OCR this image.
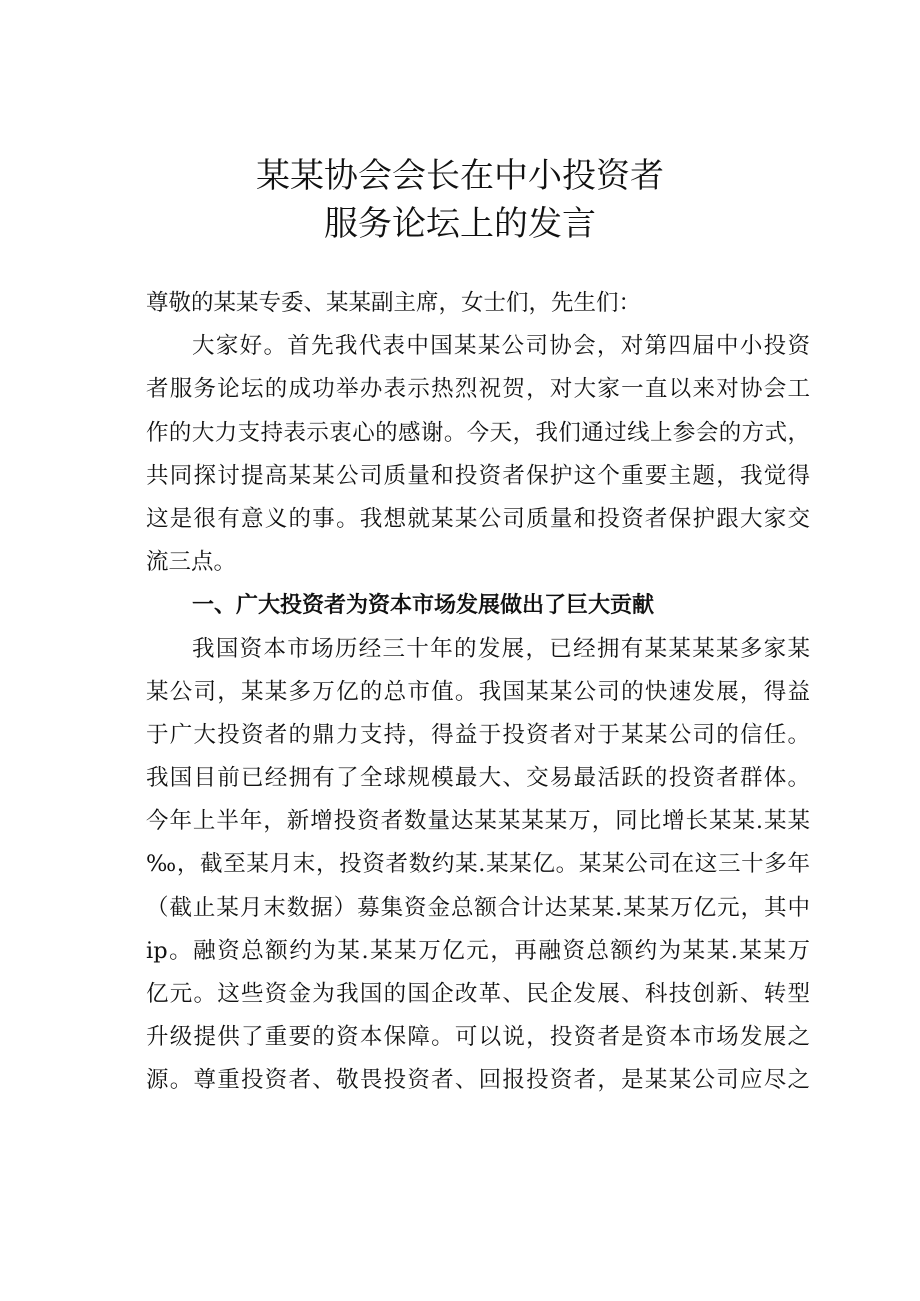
某某协会会长在中小投资者
服务论坛上的发言
尊敬的某某专委、某某副主席，女士们，先生们：
大家好。首先我代表中国某某公司协会，对第四届中小投资
者服务论坛的成功举办表示热烈祝贺，对大家一直以来对协会工
作的大力支持表示衷心的感谢。今天，我们通过线上参会的方式，
共同探讨提高某某公司质量和投资者保护这个重要主题，我觉得
这是很有意义的事。我想就某某公司质量和投资者保护跟大家交
流三点。
一、广大投资者为资本市场发展做出了巨大贡献
我国资本市场历经三十年的发展，已经拥有某某某某多家某
某公司，某某多万亿的总市值。我国某某公司的快速发展，得益
于广大投资者的鼎力支持，得益于投资者对于某某公司的信任。
我国目前已经拥有了全球规模最大、交易最活跃的投资者群体。
今年上半年，新增投资者数量达某某某某万，同比增长某某.某某
‰，截至某月末，投资者数约某.某某亿。某某公司在这三十多年
（截止某月末数据）募集资金总额合计达某某.某某万亿元，其中
ip。融资总额约为某.某某万亿元，再融资总额约为某某.某某万
亿元。这些资金为我国的国企改革、民企发展、科技创新、转型
升级提供了重要的资本保障。可以说，投资者是资本市场发展之
源。尊重投资者、敬畏投资者、回报投资者，是某某公司应尽之
